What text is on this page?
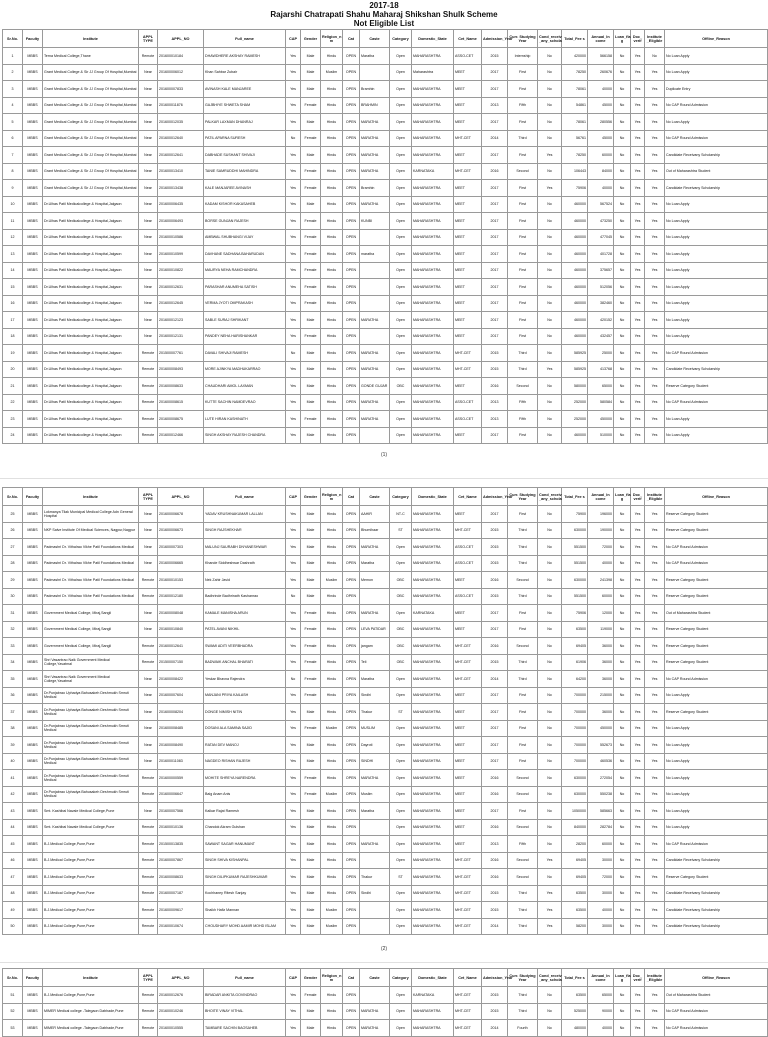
2017-18
Rajarshi Chatrapati Shahu Maharaj Shikshan Shulk Scheme
Not Eligible List
Sr.No.	Faculty	Institute	APPL TYPE	APPL_NO	Full_name	CAP	Gender	Religion_n m	Cat	Caste	Category	Domestic_State	Cet_Name	Admission_Year	Curr. Studying Year	Cond_receiv _any_schola	Total_Fee s	Annual_In come	Loan_fla g	Doc_ verif	Institute _Eligible	Offline_Reason
1	MBBS	Terna Medical College,Thane	Remote	201600010184	DHAWDHERE AKSHAY RAMESH	Yes	Male	Hindu	OPEN	Maratha	Open	MAHARASHTRA	ASSO-CET	2015	Internship	No	420000	566158	No	Yes	No	No Loan Apply
2	MBBS	Grant Medical College & Sir JJ Group Of Hospital,Mumbai	Near	201600006012	Khan Sahbar Zubair	Yes	Male	Muslim	OPEN		Open	Maharashtra	MEET	2017	First	No	78250	260676	No	Yes	Yes	No Loan Apply
3	MBBS	Grant Medical College & Sir JJ Group Of Hospital,Mumbai	Near	201600007833	AVINASH KALE MANJAREE	Yes	Male	Hindu	OPEN	Bramhin	Open	MAHARASHTRA	MEET	2017	First	No	78061	40000	No	Yes	Yes	Duplicate Entry
4	MBBS	Grant Medical College & Sir JJ Group Of Hospital,Mumbai	Near	201600011876	GAJBHIYE SHWETA SHAM	Yes	Female	Hindu	OPEN	BRAHMIN	Open	MAHARASHTRA	MEET	2013	Fifth	No	54861	45000	No	Yes	Yes	No CAP Round Admission
5	MBBS	Grant Medical College & Sir JJ Group Of Hospital,Mumbai	Near	201600012035	PALKAR LAXMAN DHANRAJ	Yes	Male	Hindu	OPEN	MARATHA	Open	MAHARASHTRA	MEET	2017	First	No	78061	280556	No	Yes	Yes	No Loan Apply
6	MBBS	Grant Medical College & Sir JJ Group Of Hospital,Mumbai	Near	201600012640	PATIL APARNA SURESH	No	Female	Hindu	OPEN	MARATHA	Open	MAHARASHTRA	MHT-CET	2014	Third	No	56761	45000	No	Yes	Yes	No CAP Round Admission
7	MBBS	Grant Medical College & Sir JJ Group Of Hospital,Mumbai	Near	201600012641	DABHADE SUSHANT SHIVAJI	Yes	Male	Hindu	OPEN	MARATHA	Open	MAHARASHTRA	MEET	2017	First	Yes	78250	60000	No	Yes	Yes	Candidate Receivany Scholarship
8	MBBS	Grant Medical College & Sir JJ Group Of Hospital,Mumbai	Near	201600013410	TANIE SAMRUDDHI MAHINDRA	Yes	Female	Hindu	OPEN	MARATHA	Open	KARNATAKA	MHT-CET	2016	Second	No	106443	84000	No	Yes	Yes	Out of Maharashtra Student
9	MBBS	Grant Medical College & Sir JJ Group Of Hospital,Mumbai	Near	201600013438	KALE MANJAREE AVINASH	Yes	Female	Hindu	OPEN	Bramhin	Open	MAHARASHTRA	MEET	2017	First	Yes	75906	40000	No	Yes	Yes	Candidate Receivany Scholarship
10	MBBS	Dr.Ulhas Patil Medicalcollege & Hospital,Jalgaon	Near	201600006435	KADAM KISHOR KAKASAHEB	Yes	Male	Hindu	OPEN	MARATHA	Open	MAHARASHTRA	MEET	2017	First	No	460000	567524	No	Yes	Yes	No Loan Apply
11	MBBS	Dr.Ulhas Patil Medicalcollege & Hospital,Jalgaon	Near	201600006493	BORSE GUNJAN RAJESH	Yes	Female	Hindu	OPEN	KUNBI	Open	MAHARASHTRA	MEET	2017	First	No	460000	473250	No	Yes	Yes	No Loan Apply
12	MBBS	Dr.Ulhas Patil Medicalcollege & Hospital,Jalgaon	Near	201600010586	AMBWAL SHUBHANGI VIJAY	Yes	Female	Hindu	OPEN		Open	MAHARASHTRA	MEET	2017	First	No	460000	477045	No	Yes	Yes	No Loan Apply
13	MBBS	Dr.Ulhas Patil Medicalcollege & Hospital,Jalgaon	Near	201600010599	DAVHANE SADHANA BAHARUDAN	Yes	Female	Hindu	OPEN	maratha	Open	MAHARASHTRA	MEET	2017	First	No	460000	401728	No	Yes	Yes	No Loan Apply
14	MBBS	Dr.Ulhas Patil Medicalcollege & Hospital,Jalgaon	Near	201600010822	MAURYA NEHA RAMCHANDRA	Yes	Female	Hindu	OPEN		Open	MAHARASHTRA	MEET	2017	First	No	460000	375657	No	Yes	Yes	No Loan Apply
15	MBBS	Dr.Ulhas Patil Medicalcollege & Hospital,Jalgaon	Near	201600012631	PARASHAR ANUMEHA SATISH	Yes	Female	Hindu	OPEN		Open	MAHARASHTRA	MEET	2017	First	No	460000	512056	No	Yes	Yes	No Loan Apply
16	MBBS	Dr.Ulhas Patil Medicalcollege & Hospital,Jalgaon	Near	201600012645	VERMA JYOTI OMPRAKASH	Yes	Female	Hindu	OPEN		Open	MAHARASHTRA	MEET	2017	First	No	460000	382460	No	Yes	Yes	No Loan Apply
17	MBBS	Dr.Ulhas Patil Medicalcollege & Hospital,Jalgaon	Near	201600012123	SABLE SURAJ SHRIKANT	Yes	Male	Hindu	OPEN	MARATHA	Open	MAHARASHTRA	MEET	2017	First	No	460000	420152	No	Yes	Yes	No Loan Apply
18	MBBS	Dr.Ulhas Patil Medicalcollege & Hospital,Jalgaon	Near	201600012131	PANDEY NEHA HARISHANKAR	Yes	Female	Hindu	OPEN		Open	MAHARASHTRA	MEET	2017	First	No	460000	432457	No	Yes	Yes	No Loan Apply
19	MBBS	Dr.Ulhas Patil Medicalcollege & Hospital,Jalgaon	Remote	201500007761	DAVALI SHIVAJI RAMESH	No	Male	Hindu	OPEN	MARATHA	Open	MAHARASHTRA	MHT-CET	2015	Third	No	585925	25000	No	Yes	Yes	No CAP Round Admission
20	MBBS	Dr.Ulhas Patil Medicalcollege & Hospital,Jalgaon	Remote	201600008493	MORE AJINKYA MADHUKARRAO	Yes	Male	Hindu	OPEN	MARATHA	Open	MAHARASHTRA	MHT-CET	2015	Third	Yes	585925	413768	No	Yes	Yes	Candidate Receivany Scholarship
21	MBBS	Dr.Ulhas Patil Medicalcollege & Hospital,Jalgaon	Remote	201600008633	CHAUDHARI AMOL LAXMAN	Yes	Male	Hindu	OPEN	GONDE GUJAR	OBC	MAHARASHTRA	MEET	2016	Second	No	580000	65000	No	Yes	Yes	Reserve Category Student
22	MBBS	Dr.Ulhas Patil Medicalcollege & Hospital,Jalgaon	Remote	201600008615	KUTTE SACHIN NAMDEVRAO	Yes	Male	Hindu	OPEN	MARATHA	Open	MAHARASHTRA	ASSO-CET	2013	Fifth	No	252000	580584	No	Yes	Yes	No CAP Round Admission
23	MBBS	Dr.Ulhas Patil Medicalcollege & Hospital,Jalgaon	Remote	201600008675	LUTE HIRAN KASHINATH	Yes	Female	Hindu	OPEN	MARATHA	Open	MAHARASHTRA	ASSO-CET	2013	Fifth	No	252000	450000	No	Yes	Yes	No Loan Apply
24	MBBS	Dr.Ulhas Patil Medicalcollege & Hospital,Jalgaon	Remote	201600012466	SINGH AKSHAY RAJESH CHANDRA	Yes	Male	Hindu	OPEN		Open	MAHARASHTRA	MEET	2017	First	No	460000	510000	No	Yes	Yes	No Loan Apply
(1)
Sr.No.	Faculty	Institute	APPL TYPE	APPL_NO	Full_name	CAP	Gender	Religion_n m	Cat	Caste	Category	Domestic_State	Cet_Name	Admission_Year	Curr. Studying Year	Cond_receiv _any_schola	Total_Fee s	Annual_In come	Loan_fla g	Doc_ verif	Institute _Eligible	Offline_Reason
25	MBBS	Lokmanya Tilak Municipal Medical College Adn General Hospital	Near	201600006678	YADAV KRUSHNAKUMAR LALLAN	Yes	Male	Hindu	OPEN	AAHIR	NT-C	MAHARASHTRA	MEET	2017	First	No	75900	196000	No	Yes	Yes	Reserve Category Student
26	MBBS	NKP Salve Institute Of Medical Sciences, Nagpur,Nagpur	Near	201600006673	SINGH RAJSHEKHAR	Yes	Male	Hindu	OPEN	Bhumihaar	ST	MAHARASHTRA	MHT-CET	2015	Third	No	630000	190000	No	Yes	Yes	Reserve Category Student
27	MBBS	Padmashri Dr. Vithalrao Vikhe Patil Foundations Medical	Near	201600007303	MALUNJ SAURABH DNYANESHWAR	Yes	Male	Hindu	OPEN	MARATHA	Open	MAHARASHTRA	ASSO-CET	2015	Third	No	551500	72000	No	Yes	Yes	No CAP Round Admission
28	MBBS	Padmashri Dr. Vithalrao Vikhe Patil Foundations Medical	Near	201600006665	Khande Siddheshwar Dashrath	Yes	Male	Hindu	OPEN	Maratha	Open	MAHARASHTRA	ASSO-CET	2015	Third	No	551500	40000	No	Yes	Yes	No CAP Round Admission
29	MBBS	Padmashri Dr. Vithalrao Vikhe Patil Foundations Medical	Remote	201600010153	Nek Zahir Javid	Yes	Male	Muslim	OPEN	Memon	OBC	MAHARASHTRA	MEET	2016	Second	No	630000	241398	No	Yes	Yes	Reserve Category Student
30	MBBS	Padmashri Dr. Vithalrao Vikhe Patil Foundations Medical	Remote	201600012180	Badhrinde Badhrinath Kashanrao	No	Male	Hindu	OPEN		OBC	MAHARASHTRA	ASSO-CET	2015	Third	No	551500	60000	No	Yes	Yes	Reserve Category Student
31	MBBS	Government Medical College, Miraj,Sangli	Near	201600008048	KAMALE MANISHA ARUN	Yes	Female	Hindu	OPEN	MARATHA	Open	KARNATAKA	MEET	2017	First	No	75906	12000	No	Yes	Yes	Out of Maharashtra Student
32	MBBS	Government Medical College, Miraj,Sangli	Near	201600010840	PATEL AVANI NIKHIL	Yes	Female	Hindu	OPEN	LEVA PATIDAR	OBC	MAHARASHTRA	MEET	2017	First	No	63500	119000	No	Yes	Yes	Reserve Category Student
33	MBBS	Government Medical College, Miraj,Sangli	Remote	201600012641	SWAMI ADITI VEERBHADRA	Yes	Female	Hindu	OPEN	jangam	OBC	MAHARASHTRA	MHT-CET	2016	Second	No	69405	36000	No	Yes	Yes	Reserve Category Student
34	MBBS	Shri Vasantrao Naik Government Medical College,Yavatmal	Remote	201500007150	BADWAIK ANCHAL BHARATI	Yes	Female	Hindu	OPEN	Teli	OBC	MAHARASHTRA	MHT-CET	2015	Third	No	61906	36000	No	Yes	Yes	Reserve Category Student
35	MBBS	Shri Vasantrao Naik Government Medical College,Yavatmal	Near	201600008422	Yeskar Bhavna Rajendra	No	Female	Hindu	OPEN	Maratha	Open	MAHARASHTRA	MHT-CET	2014	Third	No	64200	36000	No	Yes	Yes	No CAP Round Admission
36	MBBS	Dr.Punjabrao Uphadya Bahusakeh Deshmukh Smruti Medical	Near	201600007604	MANJANI PRIYA KAILASH	Yes	Female	Hindu	OPEN	Sindhi	Open	MAHARASHTRA	MEET	2017	First	No	700000	215000	No	Yes	Yes	No Loan Apply
37	MBBS	Dr.Punjabrao Uphadya Bahusakeh Deshmukh Smruti Medical	Near	201600008204	DONGE NIMISH NITIN	Yes	Male	Hindu	OPEN	Thakur	ST	MAHARASHTRA	MEET	2017	First	No	700000	36000	No	Yes	Yes	Reserve Category Student
38	MBBS	Dr.Punjabrao Uphadya Bahusakeh Deshmukh Smruti Medical	Near	201600008485	DOSANI ALA SAMINA SAJID	Yes	Female	Muslim	OPEN	MUSLIM	Open	MAHARASHTRA	MEET	2017	First	No	700000	450000	No	Yes	Yes	No Loan Apply
39	MBBS	Dr.Punjabrao Uphadya Bahusakeh Deshmukh Smruti Medical	Near	201600008490	RATAN DEV MANOJ	Yes	Male	Hindu	OPEN	Dayroti	Open	MAHARASHTRA	MEET	2017	First	No	700000	552673	No	Yes	Yes	No Loan Apply
40	MBBS	Dr.Punjabrao Uphadya Bahusakeh Deshmukh Smruti Medical	Near	201600011083	NAGDEO RISHAN RAJESH	Yes	Male	Hindu	OPEN	SINDHI	Open	MAHARASHTRA	MEET	2017	First	No	700000	460536	No	Yes	Yes	No Loan Apply
41	MBBS	Dr.Punjabrao Uphadya Bahusakeh Deshmukh Smruti Medical	Remote	201600000559	MOHITE SHREYA NARENDRA	Yes	Female	Hindu	OPEN	MARATHA	Open	MAHARASHTRA	MEET	2016	Second	No	630000	272054	No	Yes	Yes	No Loan Apply
42	MBBS	Dr.Punjabrao Uphadya Bahusakeh Deshmukh Smruti Medical	Remote	201600006647	Baig Anam Anis	Yes	Female	Muslim	OPEN	Muslim	Open	MAHARASHTRA	MEET	2016	Second	No	630000	550238	No	Yes	Yes	No Loan Apply
43	MBBS	Smt. Kashibai Navale Medical College,Pune	Near	201600007566	Kalkar Rajat Ramesh	Yes	Male	Hindu	OPEN	Maratha	Open	MAHARASHTRA	MEET	2017	First	No	1050000	585663	No	Yes	Yes	No Loan Apply
44	MBBS	Smt. Kashibai Navale Medical College,Pune	Remote	201600010136	Chandok Akram Gulshan	Yes	Male	Hindu	OPEN		Open	MAHARASHTRA	MEET	2016	Second	No	840000	282784	No	Yes	Yes	No Loan Apply
45	MBBS	B.J.Medical College,Pune,Pune	Remote	201500013835	SAWANT SAGAR HANUMANT	Yes	Male	Hindu	OPEN	MARATHA	Open	MAHARASHTRA	MEET	2013	Fifth	No	28200	60000	No	Yes	Yes	No CAP Round Admission
46	MBBS	B.J.Medical College,Pune,Pune	Remote	201600007867	SINGH SHIVA KISHANPAL	Yes	Male	Hindu	OPEN		Open	MAHARASHTRA	MHT-CET	2016	Second	Yes	69405	30000	No	Yes	Yes	Candidate Receivany Scholarship
47	MBBS	B.J.Medical College,Pune,Pune	Remote	201600008633	SINGH DILIPKUMAR RAJESHKUMAR	Yes	Male	Hindu	OPEN	Thakur	ST	MAHARASHTRA	MHT-CET	2016	Second	No	69405	72000	No	Yes	Yes	Reserve Category Student
48	MBBS	B.J.Medical College,Pune,Pune	Remote	201600007187	Kochhaney Ritesh Sanjay	Yes	Male	Hindu	OPEN	Sindhi	Open	MAHARASHTRA	MHT-CET	2015	Third	Yes	63500	30000	No	Yes	Yes	Candidate Receivany Scholarship
49	MBBS	B.J.Medical College,Pune,Pune	Remote	201600009617	Shaikh Hafiz Mannan	Yes	Male	Muslim	OPEN		Open	MAHARASHTRA	MHT-CET	2015	Third	Yes	63500	40000	No	Yes	Yes	Candidate Receivany Scholarship
50	MBBS	B.J.Medical College,Pune,Pune	Remote	201600010674	CHOUDHARY MOHD AAMIR MOHD ISLAM	Yes	Male	Muslim	OPEN		Open	MAHARASHTRA	MHT-CET	2014	Third	Yes	58200	30000	No	Yes	Yes	Candidate Receivany Scholarship
(2)
Sr.No.	Faculty	Institute	APPL TYPE	APPL_NO	Full_name	CAP	Gender	Religion_n m	Cat	Caste	Category	Domestic_State	Cet_Name	Admission_Year	Curr. Studying Year	Cond_receiv _any_schola	Total_Fee s	Annual_In come	Loan_fla g	Doc_ verif	Institute _Eligible	Offline_Reason
51	MBBS	B.J.Medical College,Pune,Pune	Remote	201600012676	BIRADAR ANKITA GOVINDRAO	Yes	Female	Hindu	OPEN		Open	KARNATAKA	MHT-CET	2015	Third	No	63500	65000	No	Yes	Yes	Out of Maharashtra Student
52	MBBS	MIMER Medical college -Talegaon Dabhade,Pune	Remote	201600010246	BHOITE VINAY VITHAL	Yes	Male	Hindu	OPEN	MARATHA	Open	MAHARASHTRA	MHT-CET	2015	Third	No	525000	90000	No	Yes	Yes	No CAP Round Admission
53	MBBS	MIMER Medical college -Talegaon Dabhade,Pune	Remote	201600010555	TAMBARE SACHIN BAOSAHEB	Yes	Male	Hindu	OPEN	MARATHA	Open	MAHARASHTRA	MHT-CET	2014	Fourth	No	480000	40000	No	Yes	Yes	No CAP Round Admission
